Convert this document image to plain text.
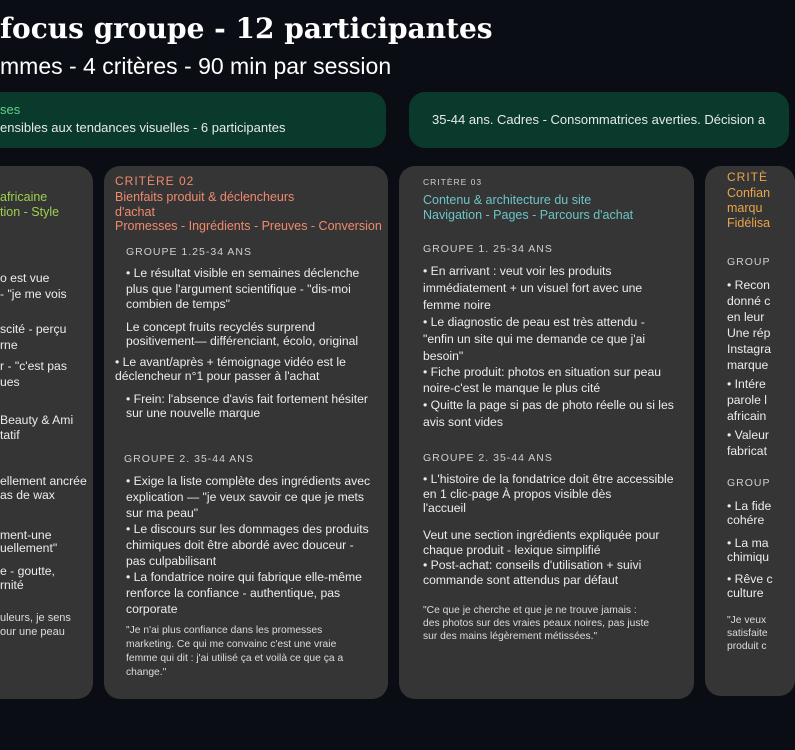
focus groupe - 12 participantes
mmes - 4 critères - 90 min par session
ses
ensibles aux tendances visuelles - 6 participantes
35-44 ans. Cadres - Consommatrices averties. Décision a
africaine
tion - Style
o est vue
- "je me vois
scité - perçu
rne
r - "c'est pas
ues
Beauty & Ami
tatif
ellement ancrée
as de wax
ment-une
uellement"
e - goutte,
rnité
uleurs, je sens
our une peau
CRITÈRE 02
Bienfaits produit & déclencheurs
d'achat
Promesses - Ingrédients - Preuves - Conversion
GROUPE 1.25-34 ANS
• Le résultat visible en semaines déclenche
plus que l'argument scientifique - "dis-moi
combien de temps"
Le concept fruits recyclés surprend
positivement— différenciant, écolo, original
• Le avant/après + témoignage vidéo est le
déclencheur n°1 pour passer à l'achat
• Frein: l'absence d'avis fait fortement hésiter
sur une nouvelle marque
GROUPE 2. 35-44 ANS
• Exige la liste complète des ingrédients avec
explication — "je veux savoir ce que je mets
sur ma peau"
• Le discours sur les dommages des produits
chimiques doit être abordé avec douceur -
pas culpabilisant
• La fondatrice noire qui fabrique elle-même
renforce la confiance - authentique, pas
corporate
"Je n'ai plus confiance dans les promesses
marketing. Ce qui me convainc c'est une vraie
femme qui dit : j'ai utilisé ça et voilà ce que ça a
change."
CRITÈRE 03
Contenu & architecture du site
Navigation - Pages - Parcours d'achat
GROUPE 1. 25-34 ANS
• En arrivant : veut voir les produits
immédiatement + un visuel fort avec une
femme noire
• Le diagnostic de peau est très attendu -
"enfin un site qui me demande ce que j'ai
besoin"
• Fiche produit: photos en situation sur peau
noire-c'est le manque le plus cité
• Quitte la page si pas de photo réelle ou si les
avis sont vides
GROUPE 2. 35-44 ANS
• L'histoire de la fondatrice doit être accessible
en 1 clic-page À propos visible dès
l'accueil
Veut une section ingrédients expliquée pour
chaque produit - lexique simplifié
• Post-achat: conseils d'utilisation + suivi
commande sont attendus par défaut
"Ce que je cherche et que je ne trouve jamais :
des photos sur des vraies peaux noires, pas juste
sur des mains légèrement métissées."
CRITÈ
Confian
marqu
Fidélisa
GROUP
• Recon
donné c
en leur
Une rép
Instagra
marque
• Intére
parole l
africain
• Valeur
fabricat
GROUP
• La fide
cohére
• La ma
chimiqu
• Rêve c
culture
"Je veux
satisfaite
produit c
